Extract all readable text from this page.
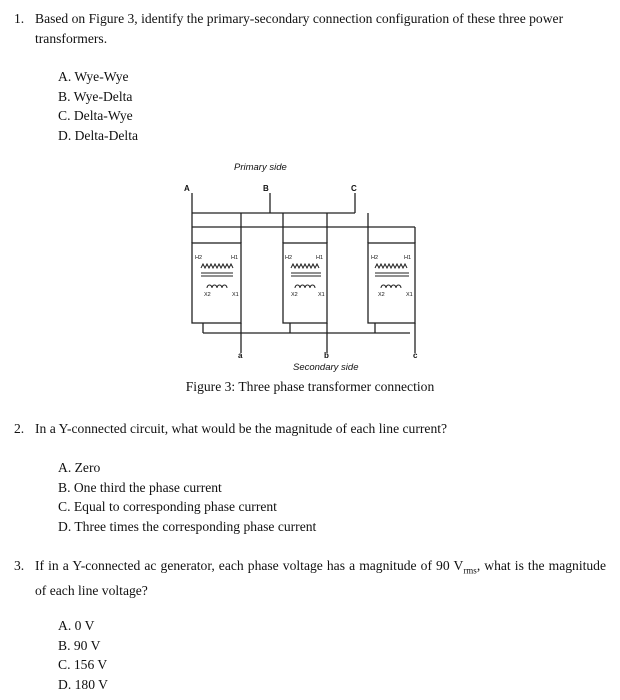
1. Based on Figure 3, identify the primary-secondary connection configuration of these three power transformers.
A. Wye-Wye
B. Wye-Delta
C. Delta-Wye
D. Delta-Delta
Primary side
A	B	C
H2	H1
X2	X1
H2	H1
X2	X1
H2	H1
X2	X1
a	b	c
Secondary side
Figure 3: Three phase transformer connection
2. In a Y-connected circuit, what would be the magnitude of each line current?
A. Zero
B. One third the phase current
C. Equal to corresponding phase current
D. Three times the corresponding phase current
3. If in a Y-connected ac generator, each phase voltage has a magnitude of 90 $V_{rms}$, what is the magnitude of each line voltage?
A. 0 V
B. 90 V
C. 156 V
D. 180 V
